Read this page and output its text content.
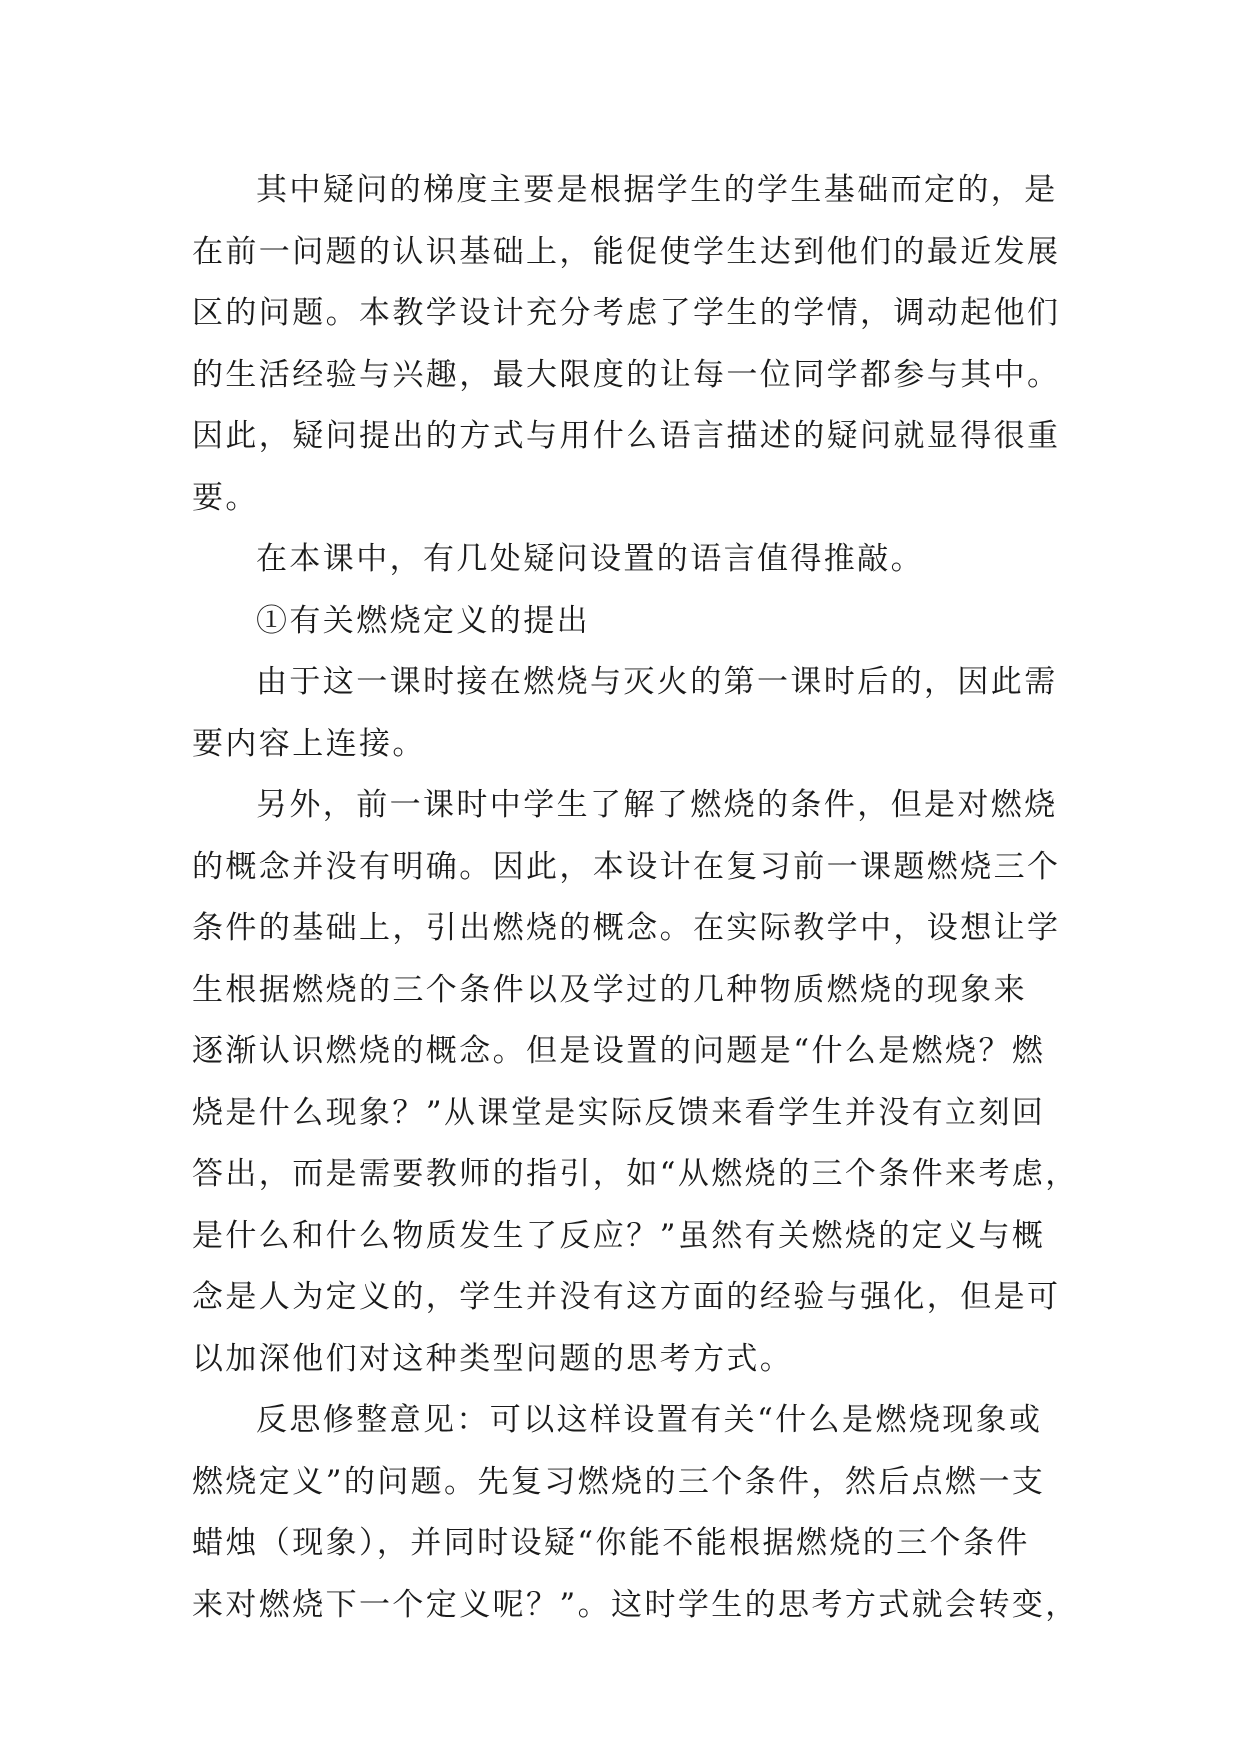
其中疑问的梯度主要是根据学生的学生基础而定的，是
在前一问题的认识基础上，能促使学生达到他们的最近发展
区的问题。本教学设计充分考虑了学生的学情，调动起他们
的生活经验与兴趣，最大限度的让每一位同学都参与其中。
因此，疑问提出的方式与用什么语言描述的疑问就显得很重
要。
在本课中，有几处疑问设置的语言值得推敲。
①有关燃烧定义的提出
由于这一课时接在燃烧与灭火的第一课时后的，因此需
要内容上连接。
另外，前一课时中学生了解了燃烧的条件，但是对燃烧
的概念并没有明确。因此，本设计在复习前一课题燃烧三个
条件的基础上，引出燃烧的概念。在实际教学中，设想让学
生根据燃烧的三个条件以及学过的几种物质燃烧的现象来
逐渐认识燃烧的概念。但是设置的问题是“什么是燃烧？燃
烧是什么现象？”从课堂是实际反馈来看学生并没有立刻回
答出，而是需要教师的指引，如“从燃烧的三个条件来考虑，
是什么和什么物质发生了反应？”虽然有关燃烧的定义与概
念是人为定义的，学生并没有这方面的经验与强化，但是可
以加深他们对这种类型问题的思考方式。
反思修整意见：可以这样设置有关“什么是燃烧现象或
燃烧定义”的问题。先复习燃烧的三个条件，然后点燃一支
蜡烛（现象），并同时设疑“你能不能根据燃烧的三个条件
来对燃烧下一个定义呢？”。这时学生的思考方式就会转变，
